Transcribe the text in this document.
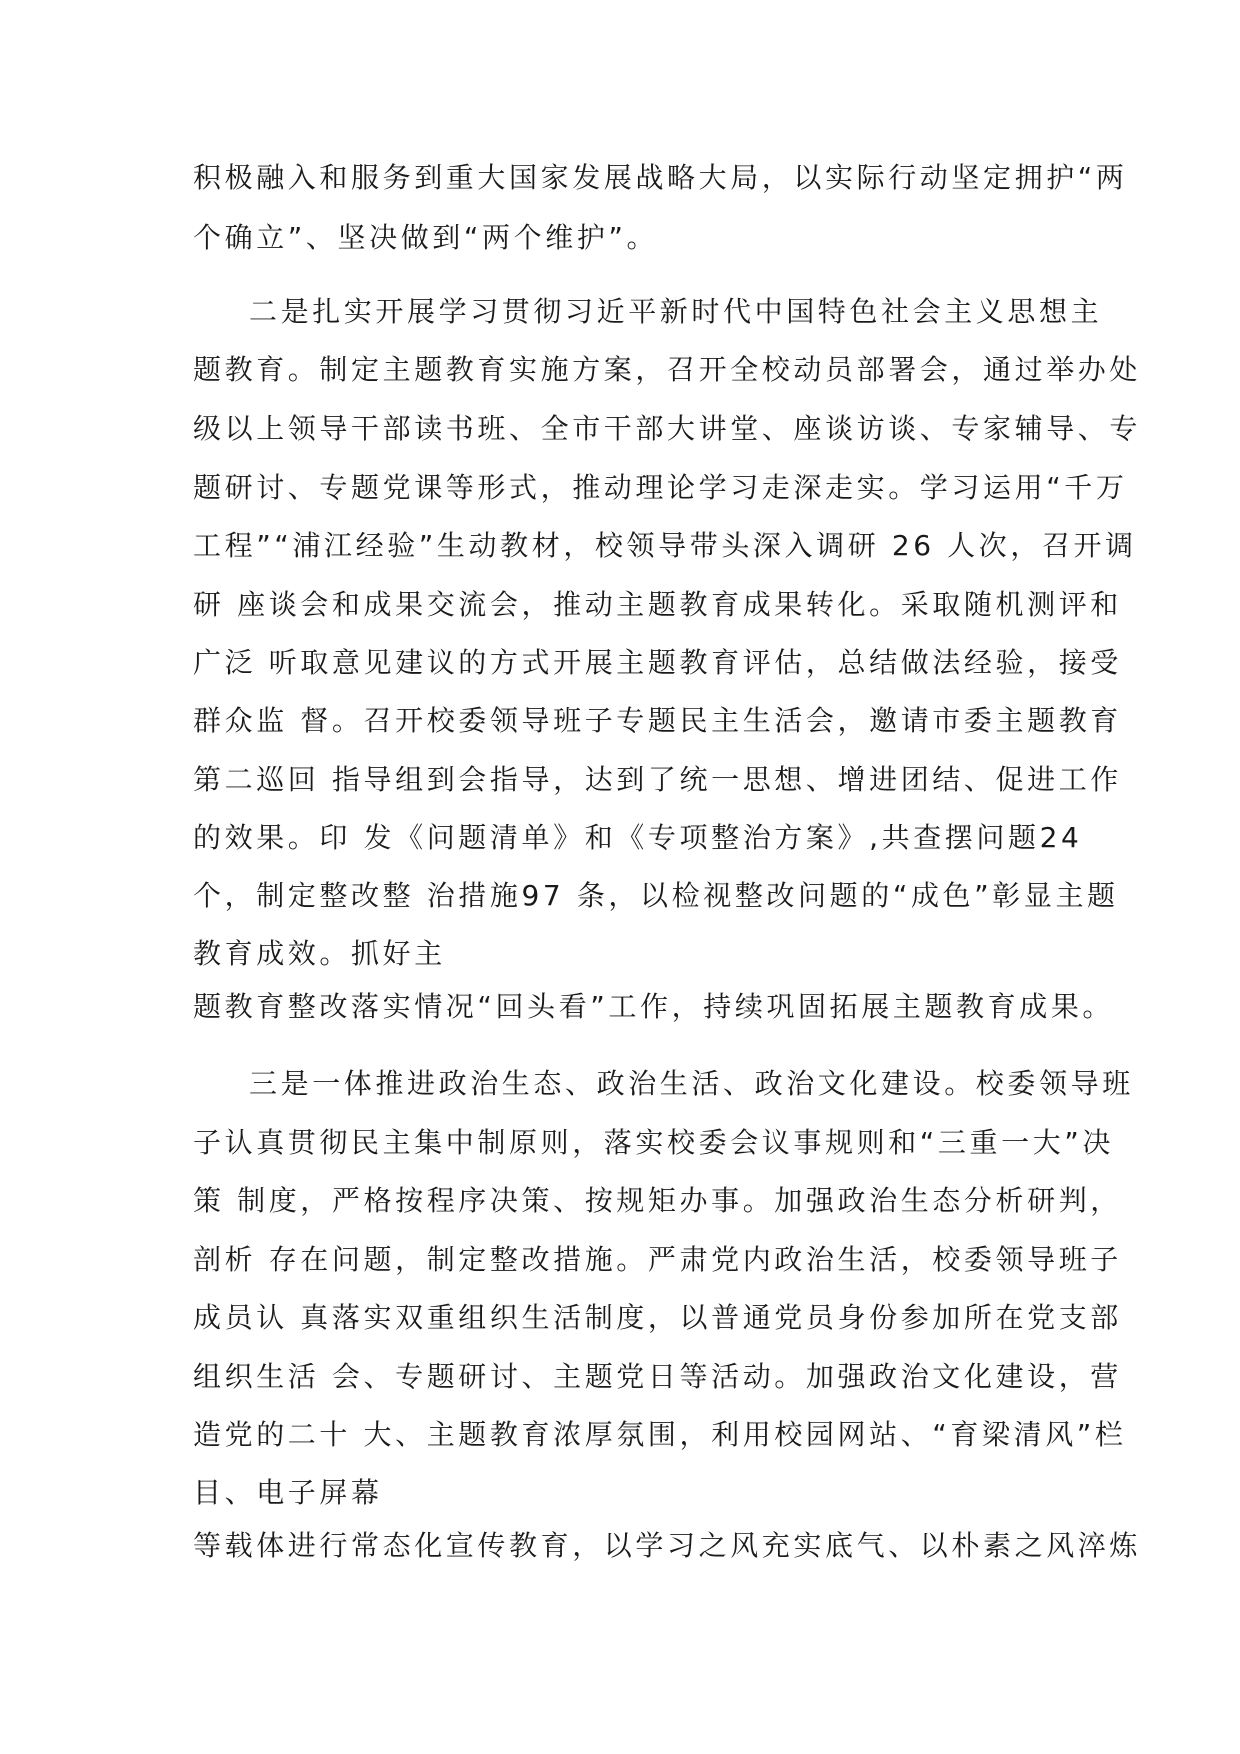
积极融入和服务到重大国家发展战略大局，以实际行动坚定拥护“两

个确立”、坚决做到“两个维护”。

二是扎实开展学习贯彻习近平新时代中国特色社会主义思想主

题教育。制定主题教育实施方案，召开全校动员部署会，通过举办处

级以上领导干部读书班、全市干部大讲堂、座谈访谈、专家辅导、专

题研讨、专题党课等形式，推动理论学习走深走实。学习运用“千万

工程”“浦江经验”生动教材，校领导带头深入调研 26 人次，召开调

研 座谈会和成果交流会，推动主题教育成果转化。采取随机测评和

广泛 听取意见建议的方式开展主题教育评估，总结做法经验，接受

群众监 督。召开校委领导班子专题民主生活会，邀请市委主题教育

第二巡回 指导组到会指导，达到了统一思想、增进团结、促进工作

的效果。印 发《问题清单》和《专项整治方案》,共查摆问题24

个，制定整改整 治措施97 条，以检视整改问题的“成色”彰显主题

教育成效。抓好主

题教育整改落实情况“回头看”工作，持续巩固拓展主题教育成果。

三是一体推进政治生态、政治生活、政治文化建设。校委领导班

子认真贯彻民主集中制原则，落实校委会议事规则和“三重一大”决

策 制度，严格按程序决策、按规矩办事。加强政治生态分析研判，

剖析 存在问题，制定整改措施。严肃党内政治生活，校委领导班子

成员认 真落实双重组织生活制度，以普通党员身份参加所在党支部

组织生活 会、专题研讨、主题党日等活动。加强政治文化建设，营

造党的二十 大、主题教育浓厚氛围，利用校园网站、“育梁清风”栏

目、电子屏幕

等载体进行常态化宣传教育，以学习之风充实底气、以朴素之风淬炼
